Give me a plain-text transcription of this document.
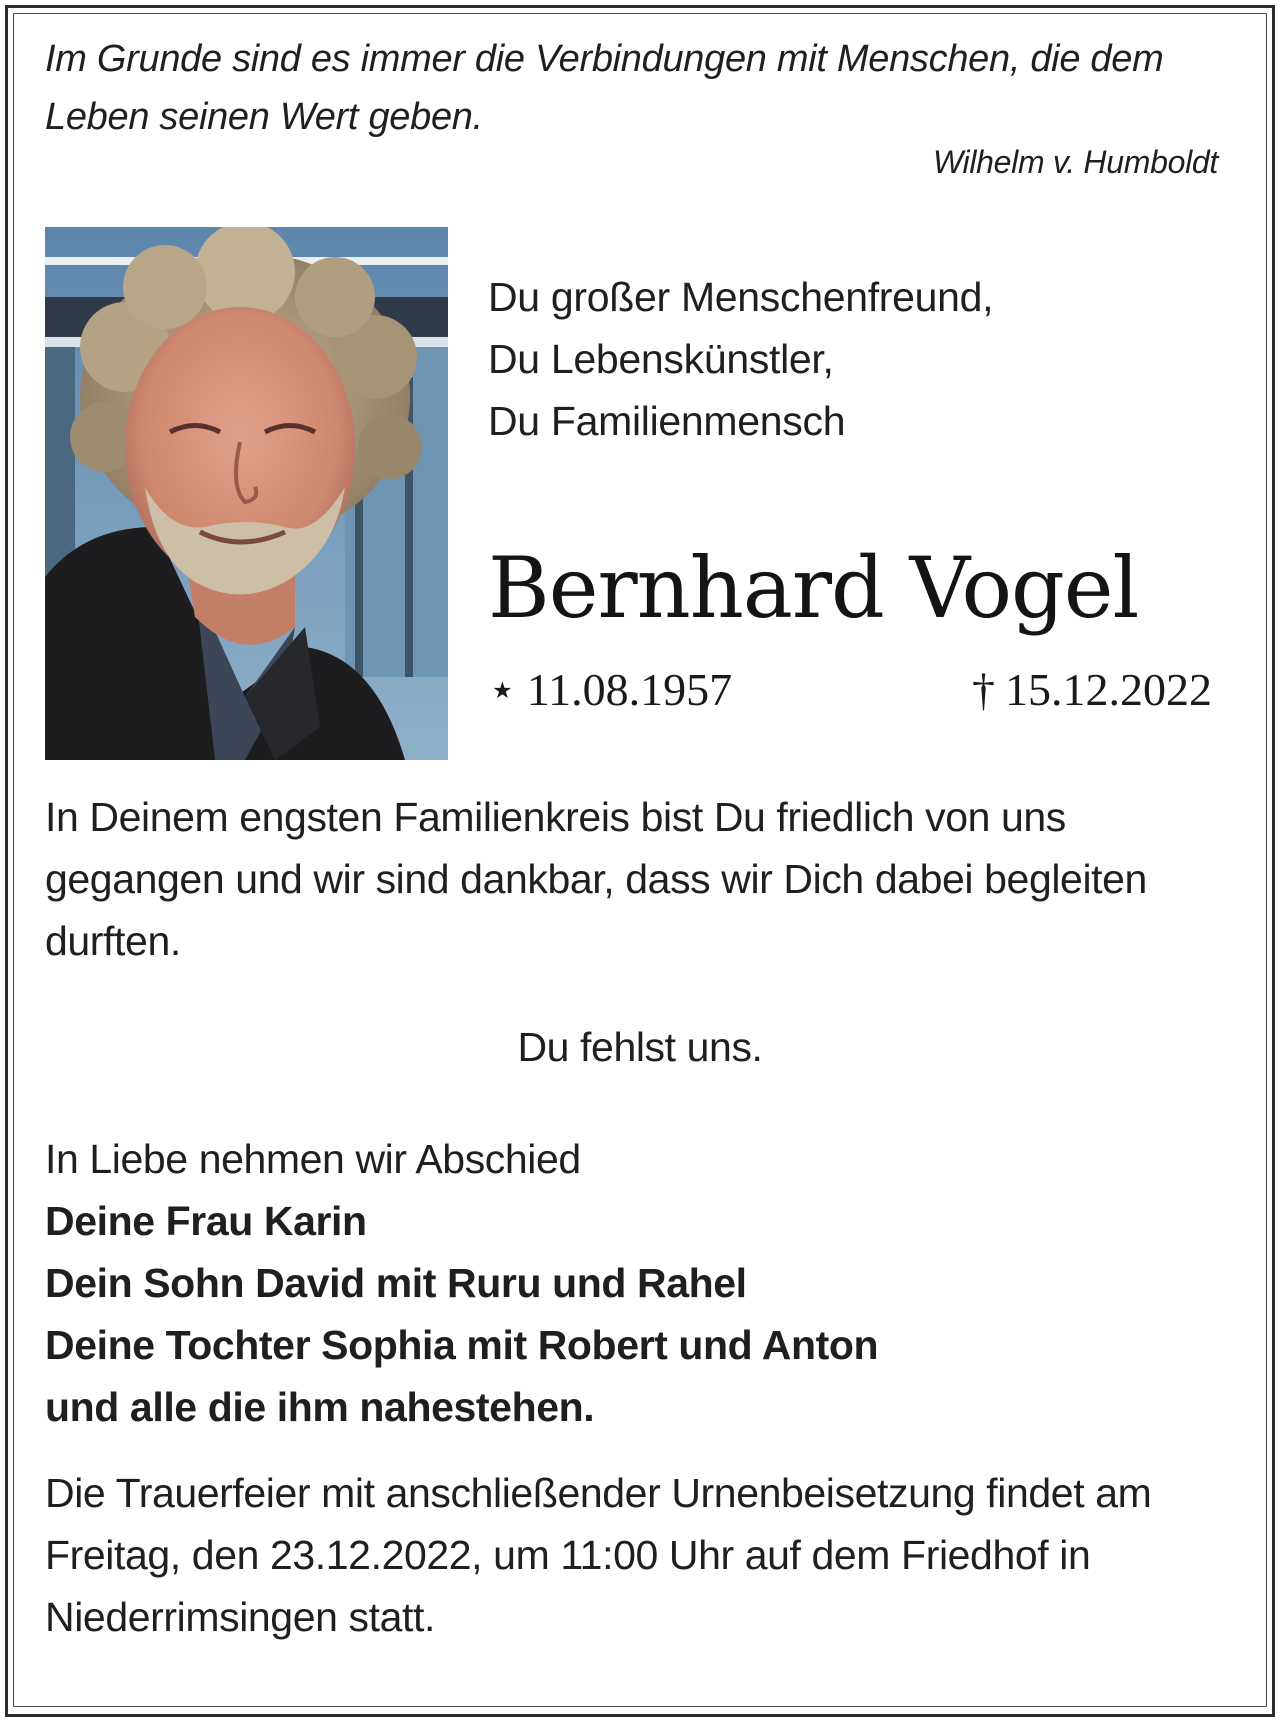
Im Grunde sind es immer die Verbindungen mit Menschen, die dem Leben seinen Wert geben.

Wilhelm v. Humboldt
Du großer Menschenfreund,
Du Lebenskünstler,
Du Familienmensch
Bernhard Vogel
⋆ 11.08.1957	† 15.12.2022

In Deinem engsten Familienkreis bist Du friedlich von uns gegangen und wir sind dankbar, dass wir Dich dabei begleiten durften.

Du fehlst uns.
In Liebe nehmen wir Abschied
Deine Frau Karin
Dein Sohn David mit Ruru und Rahel
Deine Tochter Sophia mit Robert und Anton
und alle die ihm nahestehen.

Die Trauerfeier mit anschließender Urnenbeisetzung findet am Freitag, den 23.12.2022, um 11:00 Uhr auf dem Friedhof in Niederrimsingen statt.
